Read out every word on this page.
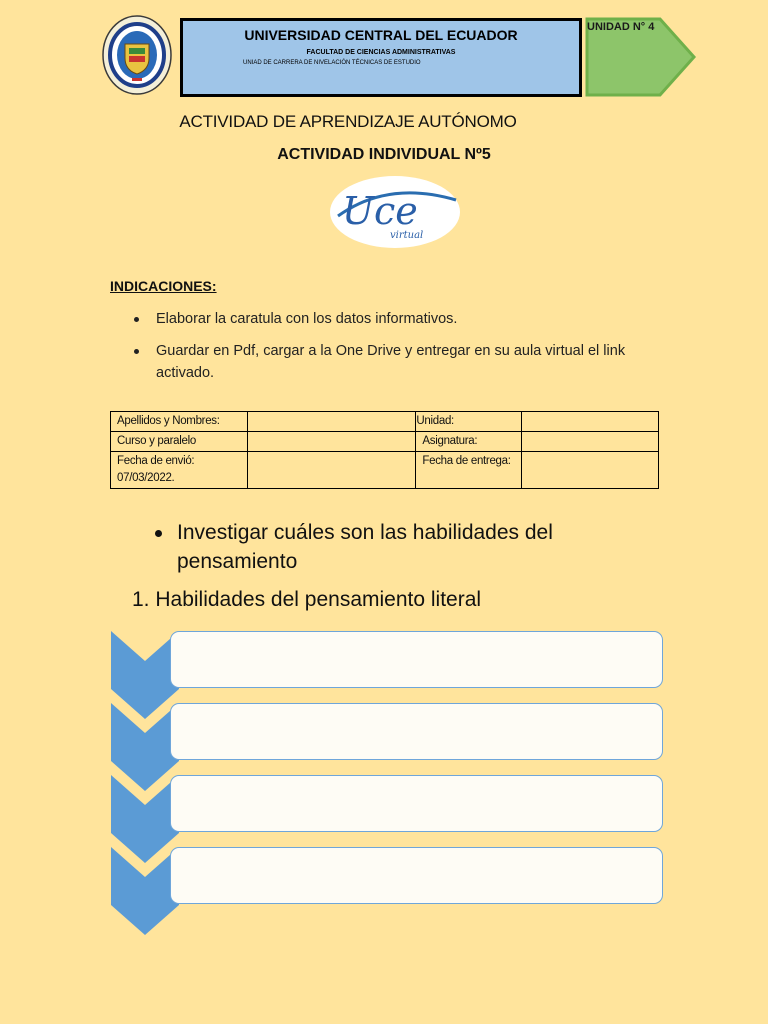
UNIVERSIDAD CENTRAL DEL ECUADOR
FACULTAD DE CIENCIAS ADMINISTRATIVAS
UNIAD DE CARRERA DE NIVELACIÓN TÉCNICAS DE ESTUDIO
UNIDAD N° 4
ACTIVIDAD DE APRENDIZAJE AUTÓNOMO
ACTIVIDAD INDIVIDUAL Nº5
Uce
virtual
INDICACIONES:
Elaborar la caratula con los datos informativos.
Guardar en Pdf, cargar a la One Drive y entregar en su aula virtual el link activado.
Apellidos y Nombres:		Unidad:	
Curso y paralelo		Asignatura:	
Fecha de envió: 07/03/2022.		Fecha de entrega:	
Investigar cuáles son las habilidades del pensamiento
1. Habilidades del pensamiento literal
